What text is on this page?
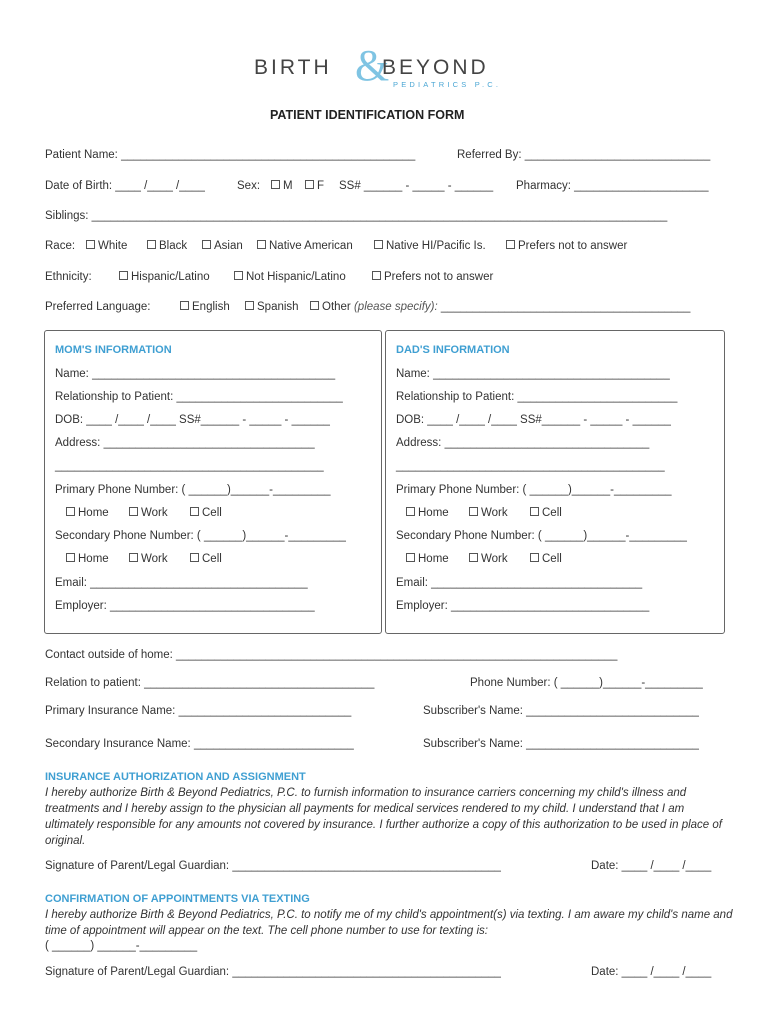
BIRTH &
BEYOND
PEDIATRICS P.C.
PATIENT IDENTIFICATION FORM
Patient Name: ______________________________________________	Referred By: _____________________________
Date of Birth: ____ /____ /____	Sex:	M	F SS# ______ - _____ - ______ Pharmacy: _____________________
Siblings: __________________________________________________________________________________________
Race:	White	Black	Asian	Native American	Native HI/Pacific Is.	Prefers not to answer
Ethnicity:	Hispanic/Latino	Not Hispanic/Latino	Prefers not to answer
Preferred Language:	English	Spanish	Other (please specify): _______________________________________
MOM'S INFORMATION
Name: ______________________________________
Relationship to Patient: __________________________
DOB: ____ /____ /____ SS#______ - _____ - ______
Address: _________________________________
__________________________________________
Primary Phone Number: ( ______)______-_________
Home	Work	Cell
Secondary Phone Number: ( ______)______-_________
Home	Work	Cell
Email: __________________________________
Employer: ________________________________
DAD'S INFORMATION
Name: _____________________________________
Relationship to Patient: _________________________
DOB: ____ /____ /____ SS#______ - _____ - ______
Address: ________________________________
__________________________________________
Primary Phone Number: ( ______)______-_________
Home	Work	Cell
Secondary Phone Number: ( ______)______-_________
Home	Work	Cell
Email: _________________________________
Employer: _______________________________
Contact outside of home: _____________________________________________________________________
Relation to patient: ____________________________________	Phone Number: ( ______)______-_________
Primary Insurance Name: ___________________________	Subscriber's Name: ___________________________
Secondary Insurance Name: _________________________	Subscriber's Name: ___________________________
INSURANCE AUTHORIZATION AND ASSIGNMENT
I hereby authorize Birth & Beyond Pediatrics, P.C. to furnish information to insurance carriers concerning my child's illness and treatments and I hereby assign to the physician all payments for medical services rendered to my child. I understand that I am ultimately responsible for any amounts not covered by insurance. I further authorize a copy of this authorization to be used in place of original.
Signature of Parent/Legal Guardian: __________________________________________	Date: ____ /____ /____
CONFIRMATION OF APPOINTMENTS VIA TEXTING
I hereby authorize Birth & Beyond Pediatrics, P.C. to notify me of my child's appointment(s) via texting. I am aware my child's name and time of appointment will appear on the text. The cell phone number to use for texting is:
( ______) ______-_________
Signature of Parent/Legal Guardian: __________________________________________	Date: ____ /____ /____
